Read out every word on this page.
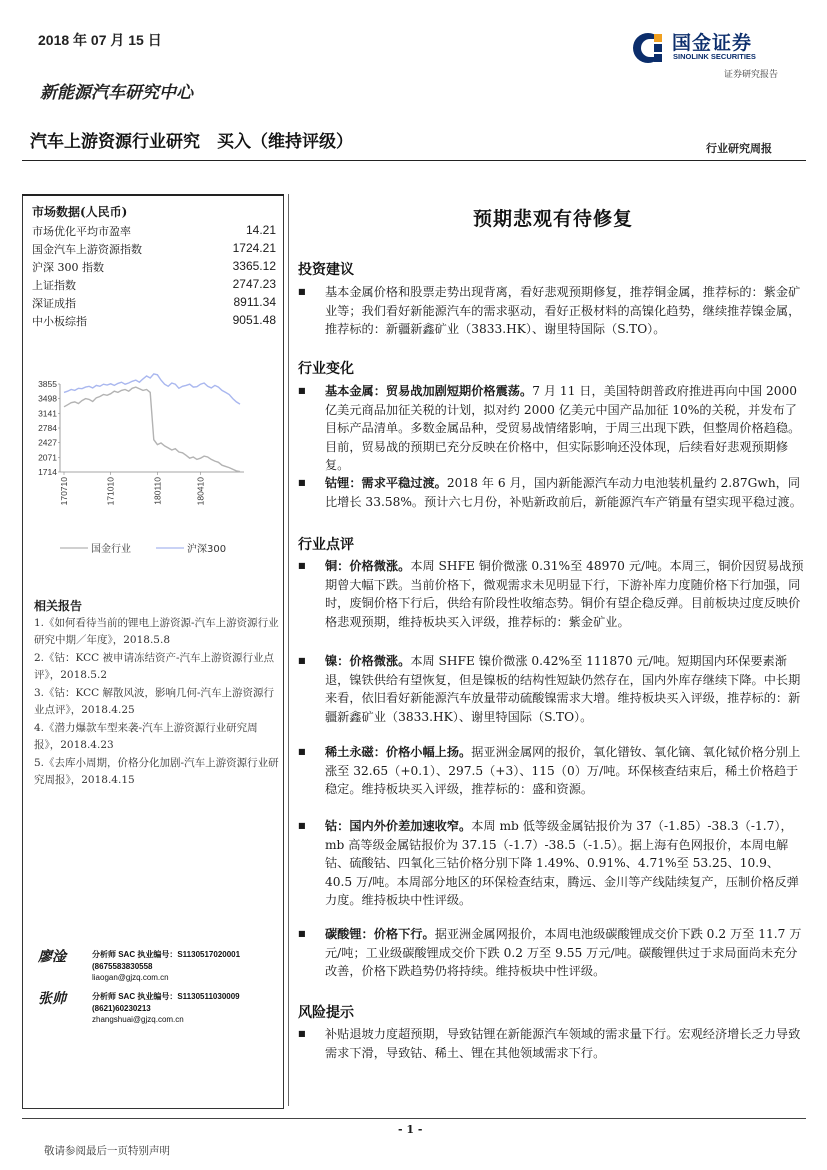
2018 年 07 月 15 日	国金证券
SINOLINK SECURITIES
证券研究报告
新能源汽车研究中心
汽车上游资源行业研究　买入（维持评级）	行业研究周报
市场数据(人民币)
市场优化平均市盈率	14.21
国金汽车上游资源指数	1724.21
沪深 300 指数	3365.12
上证指数	2747.23
深证成指	8911.34
中小板综指	9051.48
3855
3498
3141
2784
2427
2071
1714
170710	171010	180110	180410
国金行业	沪深300
相关报告
1.《如何看待当前的锂电上游资源-汽车上游资源行业研究中期／年度》，2018.5.8
2.《钴：KCC 被申请冻结资产-汽车上游资源行业点评》，2018.5.2
3.《钴：KCC 解散风波，影响几何-汽车上游资源行业点评》，2018.4.25
4.《潜力爆款车型来袭-汽车上游资源行业研究周报》，2018.4.23
5.《去库小周期，价格分化加剧-汽车上游资源行业研究周报》，2018.4.15
廖淦	分析师 SAC 执业编号：S1130517020001
(8675583830558
liaogan@gjzq.com.cn
张帅	分析师 SAC 执业编号：S1130511030009
(8621)60230213
zhangshuai@gjzq.com.cn
预期悲观有待修复
投资建议
■ 基本金属价格和股票走势出现背离，看好悲观预期修复，推荐铜金属，推荐标的：紫金矿业等；我们看好新能源汽车的需求驱动，看好正极材料的高镍化趋势，继续推荐镍金属，推荐标的：新疆新鑫矿业（3833.HK）、谢里特国际（S.TO）。
行业变化
■ 基本金属：贸易战加剧短期价格震荡。7 月 11 日，美国特朗普政府推进再向中国 2000 亿美元商品加征关税的计划，拟对约 2000 亿美元中国产品加征 10%的关税，并发布了目标产品清单。多数金属品种，受贸易战情绪影响，于周三出现下跌，但整周价格趋稳。目前，贸易战的预期已充分反映在价格中，但实际影响还没体现，后续看好悲观预期修复。
■ 钴锂：需求平稳过渡。2018 年 6 月，国内新能源汽车动力电池装机量约 2.87Gwh，同比增长 33.58%。预计六七月份，补贴新政前后，新能源汽车产销量有望实现平稳过渡。
行业点评
■ 铜：价格微涨。本周 SHFE 铜价微涨 0.31%至 48970 元/吨。本周三，铜价因贸易战预期曾大幅下跌。当前价格下，微观需求未见明显下行，下游补库力度随价格下行加强，同时，废铜价格下行后，供给有阶段性收缩态势。铜价有望企稳反弹。目前板块过度反映价格悲观预期，维持板块买入评级，推荐标的：紫金矿业。
■ 镍：价格微涨。本周 SHFE 镍价微涨 0.42%至 111870 元/吨。短期国内环保要素渐退，镍铁供给有望恢复，但是镍板的结构性短缺仍然存在，国内外库存继续下降。中长期来看，依旧看好新能源汽车放量带动硫酸镍需求大增。维持板块买入评级，推荐标的：新疆新鑫矿业（3833.HK）、谢里特国际（S.TO）。
■ 稀土永磁：价格小幅上扬。据亚洲金属网的报价，氧化镨钕、氧化镝、氧化铽价格分别上涨至 32.65（+0.1）、297.5（+3）、115（0）万/吨。环保核查结束后，稀土价格趋于稳定。维持板块买入评级，推荐标的：盛和资源。
■ 钴：国内外价差加速收窄。本周 mb 低等级金属钴报价为 37（-1.85）-38.3（-1.7），mb 高等级金属钴报价为 37.15（-1.7）-38.5（-1.5）。据上海有色网报价，本周电解钴、硫酸钴、四氧化三钴价格分别下降 1.49%、0.91%、4.71%至 53.25、10.9、40.5 万/吨。本周部分地区的环保检查结束，腾远、金川等产线陆续复产，压制价格反弹力度。维持板块中性评级。
■ 碳酸锂：价格下行。据亚洲金属网报价，本周电池级碳酸锂成交价下跌 0.2 万至 11.7 万元/吨；工业级碳酸锂成交价下跌 0.2 万至 9.55 万元/吨。碳酸锂供过于求局面尚未充分改善，价格下跌趋势仍将持续。维持板块中性评级。
风险提示
■ 补贴退坡力度超预期，导致钴锂在新能源汽车领域的需求量下行。宏观经济增长乏力导致需求下滑，导致钴、稀土、锂在其他领域需求下行。
- 1 -
敬请参阅最后一页特别声明
